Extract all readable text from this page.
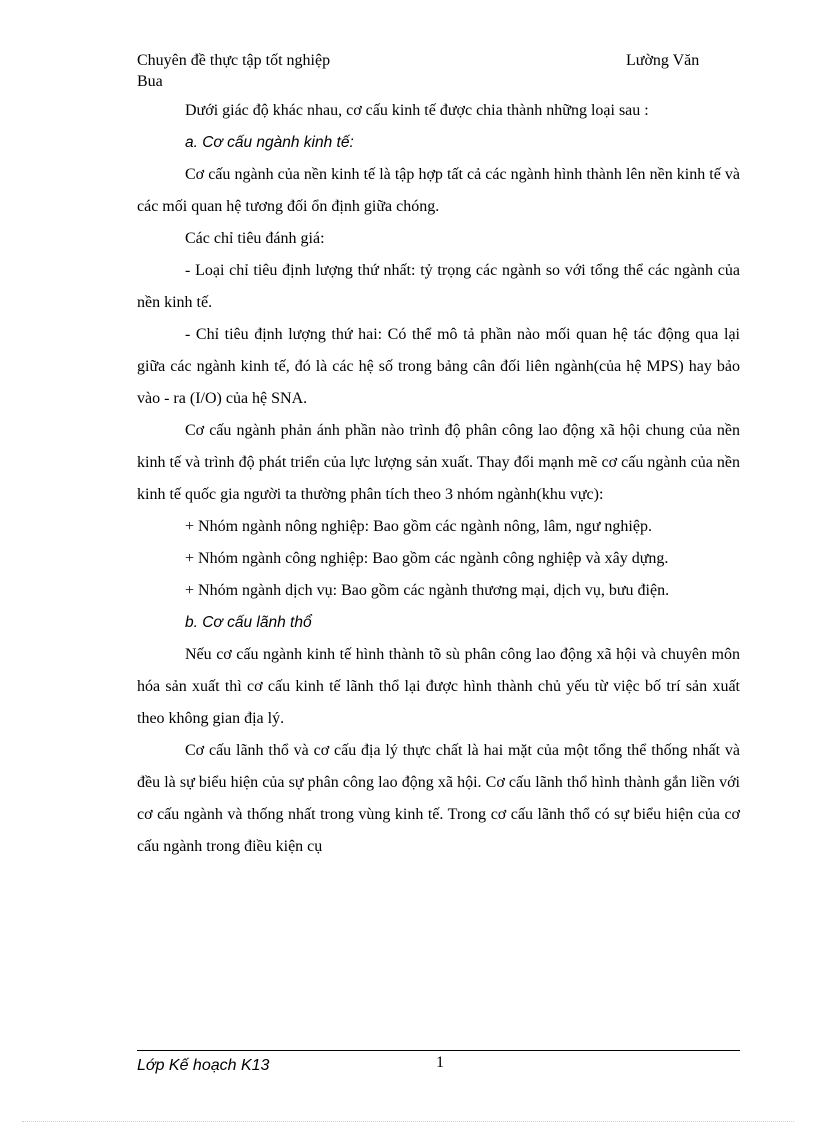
Chuyên đề thực tập tốt nghiệp	Lường Văn
Bua

Dưới giác độ khác nhau, cơ cấu kinh tế được chia thành những loại sau :

a. Cơ cấu ngành kinh tế:

Cơ cấu ngành của nền kinh tế là tập hợp tất cả các ngành hình thành lên nền kinh tế và các mối quan hệ tương đối ổn định giữa chóng.

Các chỉ tiêu đánh giá:

- Loại chỉ tiêu định lượng thứ nhất: tỷ trọng các ngành so với tổng thể các ngành của nền kinh tế.

- Chỉ tiêu định lượng thứ hai: Có thể mô tả phần nào mối quan hệ tác động qua lại giữa các ngành kinh tế, đó là các hệ số trong bảng cân đối liên ngành(của hệ MPS) hay bảo vào - ra (I/O) của hệ SNA.

Cơ cấu ngành phản ánh phần nào trình độ phân công lao động xã hội chung của nền kinh tế và trình độ phát triển của lực lượng sản xuất. Thay đổi mạnh mẽ cơ cấu ngành của nền kinh tế quốc gia người ta thường phân tích theo 3 nhóm ngành(khu vực):

+ Nhóm ngành nông nghiệp: Bao gồm các ngành nông, lâm, ngư nghiệp.

+ Nhóm ngành công nghiệp: Bao gồm các ngành công nghiệp và xây dựng.

+ Nhóm ngành dịch vụ: Bao gồm các ngành thương mại, dịch vụ, bưu điện.

b. Cơ cấu lãnh thổ

Nếu cơ cấu ngành kinh tế hình thành tõ sù phân công lao động xã hội và chuyên môn hóa sản xuất thì cơ cấu kinh tế lãnh thổ lại được hình thành chủ yếu từ việc bố trí sản xuất theo không gian địa lý.

Cơ cấu lãnh thổ và cơ cấu địa lý thực chất là hai mặt của một tổng thể thống nhất và đều là sự biểu hiện của sự phân công lao động xã hội. Cơ cấu lãnh thổ hình thành gắn liền với cơ cấu ngành và thống nhất trong vùng kinh tế. Trong cơ cấu lãnh thổ có sự biểu hiện của cơ cấu ngành trong điều kiện cụ

Lớp Kế hoạch K13	1
